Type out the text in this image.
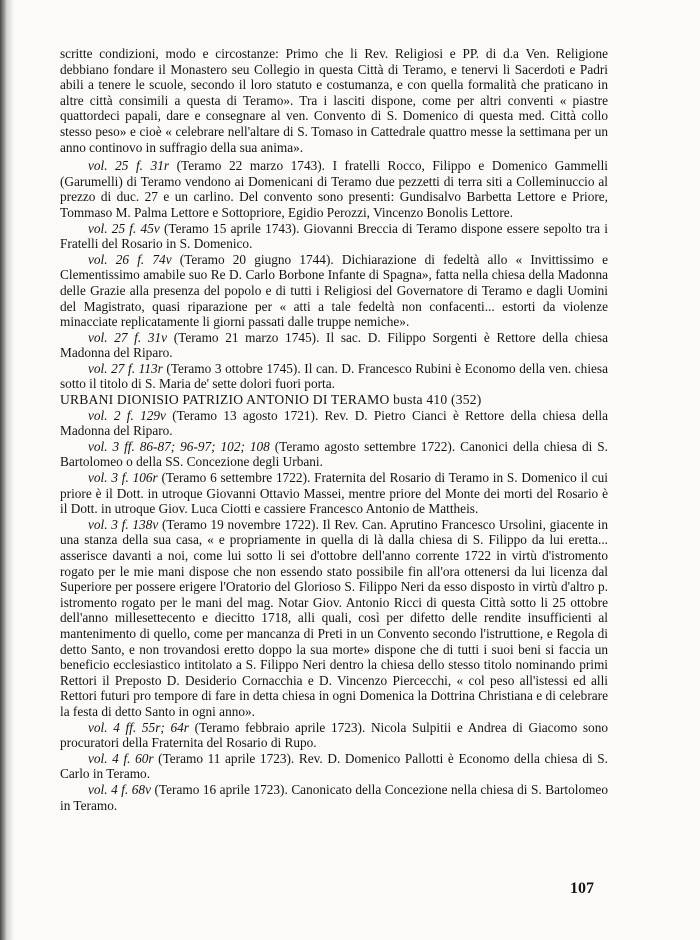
scritte condizioni, modo e circostanze: Primo che li Rev. Religiosi e PP. di d.a Ven. Religione debbiano fondare il Monastero seu Collegio in questa Città di Teramo, e tenervi li Sacerdoti e Padri abili a tenere le scuole, secondo il loro statuto e costumanza, e con quella formalità che praticano in altre città consimili a questa di Teramo». Tra i lasciti dispone, come per altri conventi « piastre quattordeci papali, dare e consegnare al ven. Convento di S. Domenico di questa med. Città collo stesso peso» e cioè « celebrare nell'altare di S. Tomaso in Cattedrale quattro messe la settimana per un anno continovo in suffragio della sua anima».

vol. 25 f. 31r (Teramo 22 marzo 1743). I fratelli Rocco, Filippo e Domenico Gammelli (Garumelli) di Teramo vendono ai Domenicani di Teramo due pezzetti di terra siti a Colleminuccio al prezzo di duc. 27 e un carlino. Del convento sono presenti: Gundisalvo Barbetta Lettore e Priore, Tommaso M. Palma Lettore e Sottopriore, Egidio Perozzi, Vincenzo Bonolis Lettore.

vol. 25 f. 45v (Teramo 15 aprile 1743). Giovanni Breccia di Teramo dispone essere sepolto tra i Fratelli del Rosario in S. Domenico.

vol. 26 f. 74v (Teramo 20 giugno 1744). Dichiarazione di fedeltà allo « Invittissimo e Clementissimo amabile suo Re D. Carlo Borbone Infante di Spagna», fatta nella chiesa della Madonna delle Grazie alla presenza del popolo e di tutti i Religiosi del Governatore di Teramo e dagli Uomini del Magistrato, quasi riparazione per « atti a tale fedeltà non confacenti... estorti da violenze minacciate replicatamente li giorni passati dalle truppe nemiche».

vol. 27 f. 31v (Teramo 21 marzo 1745). Il sac. D. Filippo Sorgenti è Rettore della chiesa Madonna del Riparo.

vol. 27 f. 113r (Teramo 3 ottobre 1745). Il can. D. Francesco Rubini è Economo della ven. chiesa sotto il titolo di S. Maria de' sette dolori fuori porta.

URBANI DIONISIO PATRIZIO ANTONIO DI TERAMO busta 410 (352)

vol. 2 f. 129v (Teramo 13 agosto 1721). Rev. D. Pietro Cianci è Rettore della chiesa della Madonna del Riparo.

vol. 3 ff. 86-87; 96-97; 102; 108 (Teramo agosto settembre 1722). Canonici della chiesa di S. Bartolomeo o della SS. Concezione degli Urbani.

vol. 3 f. 106r (Teramo 6 settembre 1722). Fraternita del Rosario di Teramo in S. Domenico il cui priore è il Dott. in utroque Giovanni Ottavio Massei, mentre priore del Monte dei morti del Rosario è il Dott. in utroque Giov. Luca Ciotti e cassiere Francesco Antonio de Mattheis.

vol. 3 f. 138v (Teramo 19 novembre 1722). Il Rev. Can. Aprutino Francesco Ursolini, giacente in una stanza della sua casa, « e propriamente in quella di là dalla chiesa di S. Filippo da lui eretta... asserisce davanti a noi, come lui sotto li sei d'ottobre dell'anno corrente 1722 in virtù d'istromento rogato per le mie mani dispose che non essendo stato possibile fin all'ora ottenersi da lui licenza dal Superiore per possere erigere l'Oratorio del Glorioso S. Filippo Neri da esso disposto in virtù d'altro p. istromento rogato per le mani del mag. Notar Giov. Antonio Ricci di questa Città sotto li 25 ottobre dell'anno millesettecento e diecitto 1718, alli quali, così per difetto delle rendite insufficienti al mantenimento di quello, come per mancanza di Preti in un Convento secondo l'istruttione, e Regola di detto Santo, e non trovandosi eretto doppo la sua morte» dispone che di tutti i suoi beni si faccia un beneficio ecclesiastico intitolato a S. Filippo Neri dentro la chiesa dello stesso titolo nominando primi Rettori il Preposto D. Desiderio Cornacchia e D. Vincenzo Piercecchi, « col peso all'istessi ed alli Rettori futuri pro tempore di fare in detta chiesa in ogni Domenica la Dottrina Christiana e di celebrare la festa di detto Santo in ogni anno».

vol. 4 ff. 55r; 64r (Teramo febbraio aprile 1723). Nicola Sulpitii e Andrea di Giacomo sono procuratori della Fraternita del Rosario di Rupo.

vol. 4 f. 60r (Teramo 11 aprile 1723). Rev. D. Domenico Pallotti è Economo della chiesa di S. Carlo in Teramo.

vol. 4 f. 68v (Teramo 16 aprile 1723). Canonicato della Concezione nella chiesa di S. Bartolomeo in Teramo.

107
